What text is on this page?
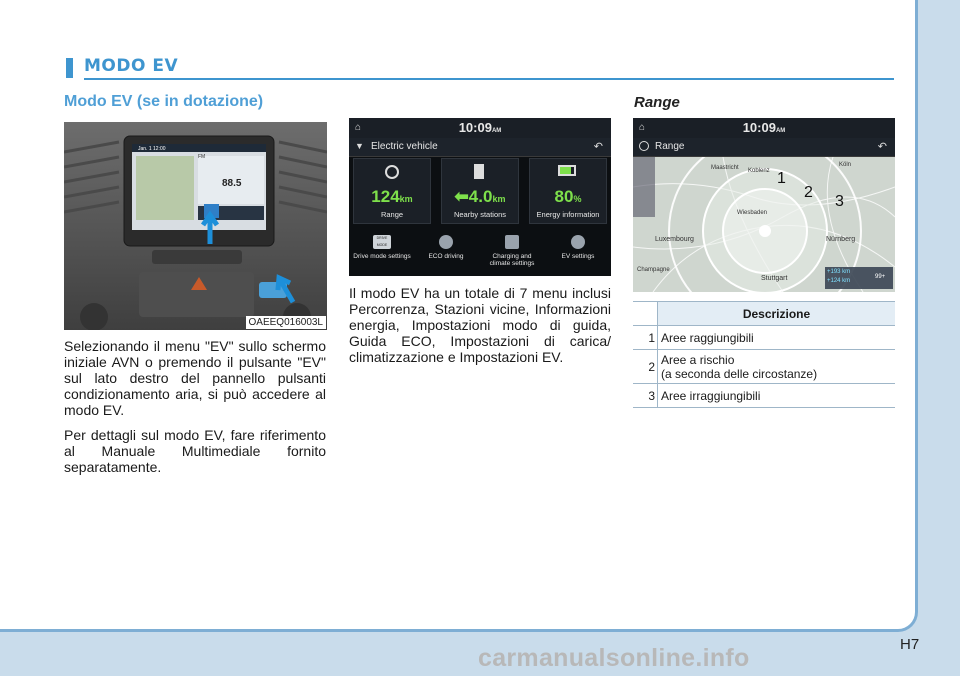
MODO EV
Modo EV (se in dotazione)	Range
Jan. 1 12:00
FM
88.5
OAEEQ016003L

Selezionando il menu "EV" sullo schermo iniziale AVN o premendo il pulsante "EV" sul lato destro del pannello pulsanti condizionamento aria, si può accedere al modo EV.

Per dettagli sul modo EV, fare riferimento al Manuale Multimediale fornito separatamente.

⌂	10:09AM
▼ Electric vehicle	↶
124km
Range
⬅4.0km
Nearby stations
80%
Energy information
DRIVE MODE
Drive mode settings	ECO driving	Charging and climate settings
EV settings

Il modo EV ha un totale di 7 menu inclusi Percorrenza, Stazioni vicine, Informazioni energia, Impostazioni modo di guida, Guida ECO, Impostazioni di carica/ climatizzazione e Impostazioni EV.

⌂	10:09AM
Range	↶
Maastricht	Köln
Koblenz
Wiesbaden
Luxembourg	Nürnberg
Stuttgart
Champagne
1
2
3
+193 km
+124 km
99+
	Descrizione
1	Aree raggiungibili
2	Aree a rischio
(a seconda delle circostanze)

3	Aree irraggiungibili
H7
carmanualsonline.info
